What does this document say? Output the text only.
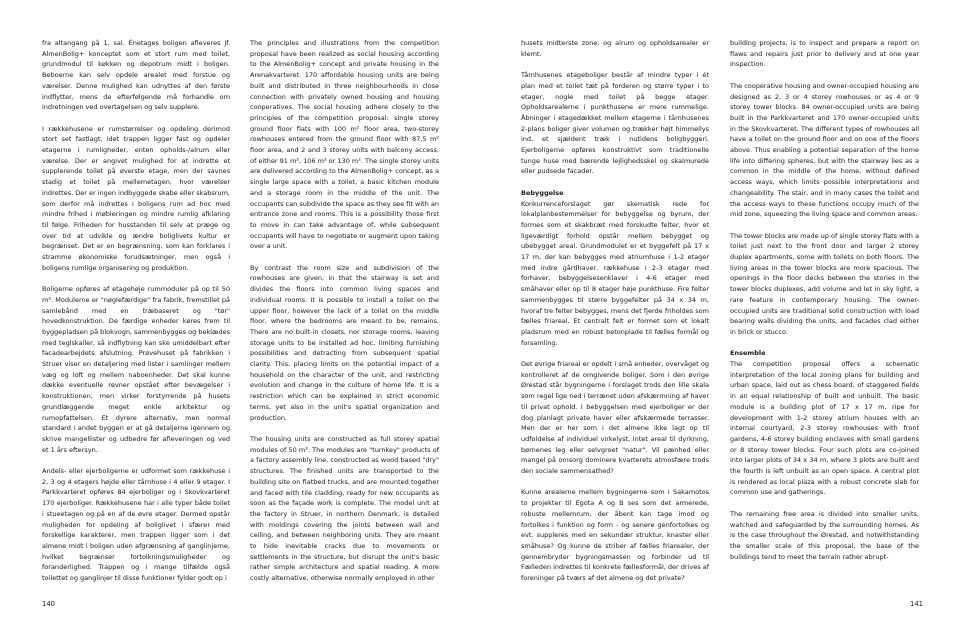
fra altangang på 1. sal. Énetages boligen afleveres jf. AlmenBolig+ konceptet som et stort rum med toilet, grundmodul til køkken og depotrum midt i boligen. Beboerne kan selv opdele arealet med forstue og værelser. Denne mulighed kan udnyttes af den første indflytter, mens de efterfølgende må forhandle om indretningen ved overtagelsen og selv supplere.

I rækkehusene er rumstørrelser og opdeling derimod stort set fastlagt, idet trappen ligger fast og opdeler etagerne i rumligheder, enten opholds-/alrum eller værelse. Der er angivet mulighed for at indrette et supplerende toilet på øverste etage, men der savnes stadig et toilet på mellemetagen, hvor værelser indrettes. Der er ingen indbyggede skabe eller skabsrum, som derfor må indrettes i boligens rum ad hoc med mindre frihed i møbleringen og mindre rumlig afklaring til følge. Friheden for husstanden til selv at præge og over tid at udvikle og ændre boliglivets kultur er begrænset. Det er en begrænsning, som kan forklares i stramme økonomiske forudsætninger, men også i boligens rumlige organisering og produktion.

Boligerne opføres af etagehøje rummoduler på op til 50 m². Modulerne er "nøglefærdige" fra fabrik, fremstillet på samlebånd med en træbaseret og "tør" hovedkonstruktion. De færdige enheder køres frem til byggepladsen på blokvogn, sammenbygges og beklædes med teglskaller, så indflytning kan ske umiddelbart efter facadearbejdets afslutning. Prøvehuset på fabrikken i Struer viser en detaljering med lister i samlinger mellem væg og loft og mellem naboenheder. Det skal kunne dække eventuelle revner opstået efter bevægelser i konstruktionen, men virker forstyrrende på husets grundlæggende meget enkle arkitektur og rumopfattelsen. Et dyrere alternativ, men normal standard i andet byggeri er at gå detaljerne igennem og skrive mangellister og udbedre før afleveringen og ved et 1 års eftersyn.

Andels- eller ejerboligerne er udformet som rækkehuse i 2, 3 og 4 etagers højde eller tårnhuse i 4 eller 9 etager. I Parkkvarteret opføres 84 ejerboliger og i Skovkvarteret 170 ejerboliger. Rækkehusene har i alle typer både toilet i stueetagen og på en af de øvre etager. Dermed opstår muligheden for opdeling af boliglivet i sfærer med forskellige karakterer, men trappen ligger som i det almene midt i boligen uden afgrænsning af ganglinjerne, hvilket begrænser fortolkningsmuligheder og foranderlighed. Trappen og i mange tilfælde også toilettet og ganglinjer til disse funktioner fylder godt op i

The principles and illustrations from the competition proposal have been realized as social housing according to the AlmenBolig+ concept and private housing in the Arenakvarteret. 170 affordable housing units are being built and distributed in three neighbourhoods in close connection with privately owned housing and housing cooperatives. The social housing adhere closely to the principles of the competition proposal: single storey ground floor flats with 100 m² floor area, two-storey rowhouses entered from the ground floor with 87,5 m² floor area, and 2 and 3 storey units with balcony access, of either 91 m², 106 m² or 130 m². The single storey units are delivered according to the AlmenBolig+ concept, as a single large space with a toilet, a basic kitchen module and a storage room in the middle of the unit. The occupants can subdivide the space as they see fit with an entrance zone and rooms. This is a possibility those first to move in can take advantage of, while subsequent occupants will have to negotiate or augment upon taking over a unit.

By contrast the room size and subdivision of the rowhouses are given, in that the stairway is set and divides the floors into common living spaces and individual rooms. It is possible to install a toilet on the upper floor, however the lack of a toilet on the middle floor, where the bedrooms are meant to be, remains. There are no built-in closets, nor storage rooms, leaving storage units to be installed ad hoc, limiting furnishing possibilities and detracting from subsequent spatial clarity. This, placing limits on the potential impact of a household on the character of the unit, and restricting evolution and change in the culture of home life. It is a restriction which can be explained in strict economic terms, yet also in the unit's spatial organization and production.

The housing units are constructed as full storey spatial modules of 50 m². The modules are "turnkey" products of a factory assembly line, constructed as wood based "dry" structures. The finished units are transported to the building site on flatbed trucks, and are mounted together and faced with tile cladding, ready for new occupants as soon as the façade work is complete. The model unit at the factory in Struer, in northern Denmark, is detailed with moldings covering the joints between wall and ceiling, and between neighboring units. They are meant to hide inevitable cracks due to movements or settlements in the structure, but disrupt the unit's basic rather simple architecture and spatial reading. A more costly alternative, otherwise normally employed in other

140

husets midterste zone, og alrum og opholdsarealer er klemt.

Tårnhusenes etageboliger består af mindre typer i ét plan med et toilet tæt på forderen og større typer i to etager, nogle med toilet på begge etager. Opholdsarealerne i punkthusene er mere rummelige. Åbninger i etagedækket mellem etagerne i tårnhusenes 2-plans boliger giver volumen og trækker højt himmellys ind, et sjældent træk i nutidens boligbyggeri. Ejerboligerne opføres konstruktivt som traditionelle tunge huse med bærende lejlighedsskel og skalmurede eller pudsede facader.

Bebyggelse

Konkurrenceforslaget gør skematisk rede for lokalplanbestemmelser for bebyggelse og byrum, der formes som et skakbræt med forskudte felter, hvor et ligeværdigt forhold opstår mellem bebygget og ubebygget areal. Grundmodulet er et byggefelt på 17 x 17 m, der kan bebygges med atriumhuse i 1-2 etager med indre gårdhaver, rækkehuse i 2-3 etager med forhaver, bebyggelsesenklaver i 4-6 etager med småhaver eller op til 8 etager høje punkthuse. Fire felter sammenbygges til større byggefelter på 34 x 34 m, hvoraf tre felter bebygges, mens det fjerde friholdes som fælles friareal. Et centralt felt er formet som et lokalt pladsrum med en robust betonplade til fælles formål og forsamling.

Det øvrige friareal er opdelt i små enheder, overvåget og kontrolleret af de omgivende boliger. Som i den øvrige Ørestad står bygningerne i forslaget trods den lille skala som regel lige ned i terrænet uden afskærmning af haver til privat ophold. I bebyggelsen med ejerboliger er der dog planlagt private haver eller afskærmede terrasser. Men der er her som i det almene ikke lagt op til udfoldelse af individuel virkelyst, intet areal til dyrkning, børnenes leg eller selvgroet "natur". Vil pænhed eller mangel på omsorg dominere kvarterets atmosfære trods den sociale sammensathed?

Kunne arealerne mellem bygningerne som i Sakamotos to projekter til Egota A og B ses som det armerede, robuste mellemrum, der åbent kan tage imod og fortolkes i funktion og form - og senere genfortolkes og evt. suppleres med en sekundær struktur, knaster eller småhuse? Og kunne de striber af fælles friarealer, der gennembryder bygningsmassen og forbinder ud til Fælleden indrettes til konkrete fællesformål, der drives af foreninger på tværs af det almene og det private?

building projects, is to inspect and prepare a report on flaws and repairs just prior to delivery and at one year inspection.

The cooperative housing and owner-occupied housing are designed as 2, 3 or 4 storey rowhouses or as 4 or 9 storey tower blocks. 84 owner-occupied units are being built in the Parkkvarteret and 170 owner-occupied units in the Skovkvarteret. The different types of rowhouses all have a toilet on the ground floor and on one of the floors above. Thus enabling a potential separation of the home life into differing spheres, but with the stairway lies as a common in the middle of the home, without defined access ways, which limits possible interpretations and changeability. The stair, and in many cases the toilet and the access ways to these functions occupy much of the mid zone, squeezing the living space and common areas.

The tower blocks are made up of single storey flats with a toilet just next to the front door and larger 2 storey duplex apartments, some with toilets on both floors. The living areas in the tower blocks are more spacious. The openings in the floor decks between the stories in the tower blocks duplexes, add volume and let in sky light, a rare feature in contemporary housing. The owner-occupied units are traditional solid construction with load bearing walls dividing the units, and facades clad either in brick or stucco.

Ensemble

The competition proposal offers a schematic interpretation of the local zoning plans for building and urban space, laid out as chess board, of staggered fields in an equal relationship of built and unbuilt. The basic module is a building plot of 17 x 17 m, ripe for development with 1-2 storey atrium houses with an internal courtyard, 2-3 storey rowhouses with front gardens, 4-6 storey building enclaves with small gardens or 8 storey tower blocks. Four such plots are co-joined into larger plots of 34 x 34 m, where 3 plots are built and the fourth is left unbuilt as an open space. A central plot is rendered as local plaza with a robust concrete slab for common use and gatherings.

The remaining free area is divided into smaller units, watched and safeguarded by the surrounding homes. As is the case throughout the Ørestad, and notwithstanding the smaller scale of this proposal, the base of the buildings tend to meet the terrain rather abrupt-

141
